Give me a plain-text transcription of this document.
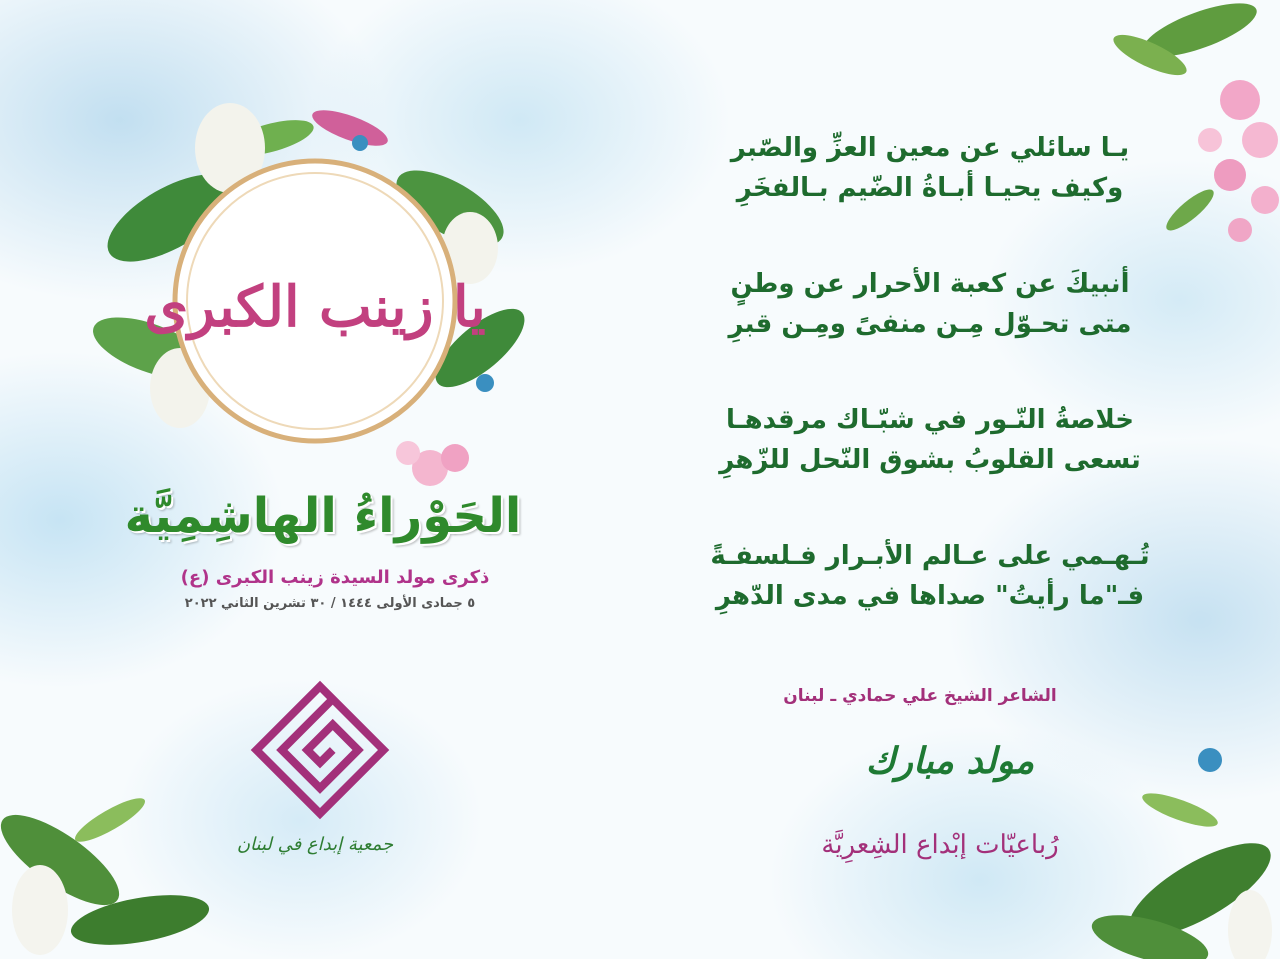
يا زينب الكبرى
الحَوْراءُ الهاشِمِيَّة
ذكرى مولد السيدة زينب الكبرى (ع)
٥ جمادى الأولى ١٤٤٤ / ٣٠ تشرين الثاني ٢٠٢٢
جمعية إبداع في لبنان
يـا سائلي عن معين العزِّ والصّبر
وكيف يحيـا أبـاةُ الضّيم بـالفخَرِ
أنبيكَ عن كعبة الأحرار عن وطنٍ
متى تحـوّل مِـن منفىً ومِـن قبرِ
خلاصةُ النّـور في شبّـاك مرقدهـا
تسعى القلوبُ بشوق النّحل للزّهرِ
تُـهـمي على عـالم الأبـرار فـلسفـةً
فـ"ما رأيتُ" صداها في مدى الدّهرِ
الشاعر الشيخ علي حمادي ـ لبنان
مولد مبارك
رُباعيّات إبْداع الشِعرِيَّة
